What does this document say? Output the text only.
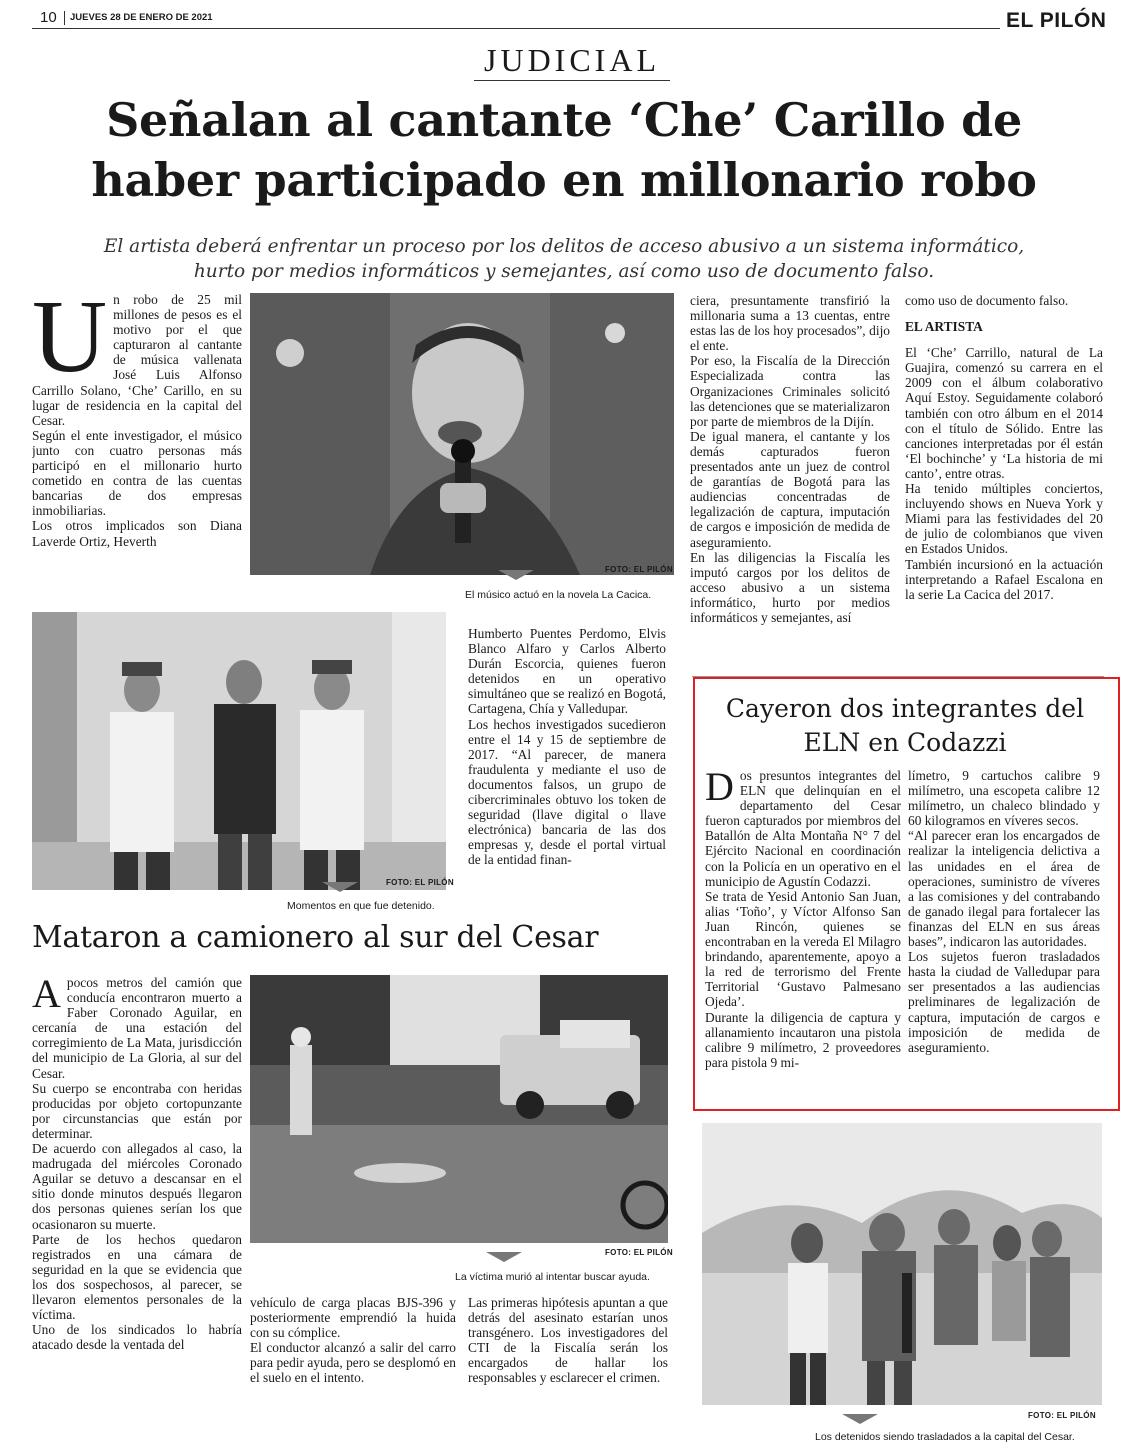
10 JUEVES 28 DE ENERO DE 2021	EL PILÓN
JUDICIAL
Señalan al cantante ‘Che’ Carillo de
haber participado en millonario robo
El artista deberá enfrentar un proceso por los delitos de acceso abusivo a un sistema informático,
hurto por medios informáticos y semejantes, así como uso de documento falso.
U n robo de 25 mil millones de pesos es el motivo por el que capturaron al cantante de música vallenata José Luis Alfonso Carrillo Solano, ‘Che’ Carillo, en su lugar de residencia en la capital del Cesar.

Según el ente investigador, el músico junto con cuatro personas más participó en el millonario hurto cometido en contra de las cuentas bancarias de dos empresas inmobiliarias.

Los otros implicados son Diana Laverde Ortiz, Heverth

FOTO: EL PILÓN
El músico actuó en la novela La Cacica.

ciera, presuntamente transfirió la millonaria suma a 13 cuentas, entre estas las de los hoy procesados”, dijo el ente.

Por eso, la Fiscalía de la Dirección Especializada contra las Organizaciones Criminales solicitó las detenciones que se materializaron por parte de miembros de la Dijín.

De igual manera, el cantante y los demás capturados fueron presentados ante un juez de control de garantías de Bogotá para las audiencias concentradas de legalización de captura, imputación de cargos e imposición de medida de aseguramiento.

En las diligencias la Fiscalía les imputó cargos por los delitos de acceso abusivo a un sistema informático, hurto por medios informáticos y semejantes, así

como uso de documento falso.

EL ARTISTA

El ‘Che’ Carrillo, natural de La Guajira, comenzó su carrera en el 2009 con el álbum colaborativo Aquí Estoy. Seguidamente colaboró también con otro álbum en el 2014 con el título de Sólido. Entre las canciones interpretadas por él están ‘El bochinche’ y ‘La historia de mi canto’, entre otras.

Ha tenido múltiples conciertos, incluyendo shows en Nueva York y Miami para las festividades del 20 de julio de colombianos que viven en Estados Unidos.

También incursionó en la actuación interpretando a Rafael Escalona en la serie La Cacica del 2017.

FOTO: EL PILÓN
Momentos en que fue detenido.

Humberto Puentes Perdomo, Elvis Blanco Alfaro y Carlos Alberto Durán Escorcia, quienes fueron detenidos en un operativo simultáneo que se realizó en Bogotá, Cartagena, Chía y Valledupar.

Los hechos investigados sucedieron entre el 14 y 15 de septiembre de 2017. “Al parecer, de manera fraudulenta y mediante el uso de documentos falsos, un grupo de cibercriminales obtuvo los token de seguridad (llave digital o llave electrónica) bancaria de las dos empresas y, desde el portal virtual de la entidad finan-

Mataron a camionero al sur del Cesar
A pocos metros del camión que conducía encontraron muerto a Faber Coronado Aguilar, en cercanía de una estación del corregimiento de La Mata, jurisdicción del municipio de La Gloria, al sur del Cesar.

Su cuerpo se encontraba con heridas producidas por objeto cortopunzante por circunstancias que están por determinar.

De acuerdo con allegados al caso, la madrugada del miércoles Coronado Aguilar se detuvo a descansar en el sitio donde minutos después llegaron dos personas quienes serían los que ocasionaron su muerte.

Parte de los hechos quedaron registrados en una cámara de seguridad en la que se evidencia que los dos sospechosos, al parecer, se llevaron elementos personales de la víctima.

Uno de los sindicados lo habría atacado desde la ventada del

FOTO: EL PILÓN
La víctima murió al intentar buscar ayuda.

vehículo de carga placas BJS-396 y posteriormente emprendió la huida con su cómplice.

El conductor alcanzó a salir del carro para pedir ayuda, pero se desplomó en el suelo en el intento.

Las primeras hipótesis apuntan a que detrás del asesinato estarían unos transgénero. Los investigadores del CTI de la Fiscalía serán los encargados de hallar los responsables y esclarecer el crimen.

Cayeron dos integrantes del
ELN en Codazzi
D os presuntos integrantes del ELN que delinquían en el departamento del Cesar fueron capturados por miembros del Batallón de Alta Montaña N° 7 del Ejército Nacional en coordinación con la Policía en un operativo en el municipio de Agustín Codazzi.

Se trata de Yesid Antonio San Juan, alias ‘Toño’, y Víctor Alfonso San Juan Rincón, quienes se encontraban en la vereda El Milagro brindando, aparentemente, apoyo a la red de terrorismo del Frente Territorial ‘Gustavo Palmesano Ojeda’.

Durante la diligencia de captura y allanamiento incautaron una pistola calibre 9 milímetro, 2 proveedores para pistola 9 mi-

límetro, 9 cartuchos calibre 9 milímetro, una escopeta calibre 12 milímetro, un chaleco blindado y 60 kilogramos en víveres secos.

“Al parecer eran los encargados de realizar la inteligencia delictiva a las unidades en el área de operaciones, suministro de víveres a las comisiones y del contrabando de ganado ilegal para fortalecer las finanzas del ELN en sus áreas bases”, indicaron las autoridades.

Los sujetos fueron trasladados hasta la ciudad de Valledupar para ser presentados a las audiencias preliminares de legalización de captura, imputación de cargos e imposición de medida de aseguramiento.

FOTO: EL PILÓN
Los detenidos siendo trasladados a la capital del Cesar.
